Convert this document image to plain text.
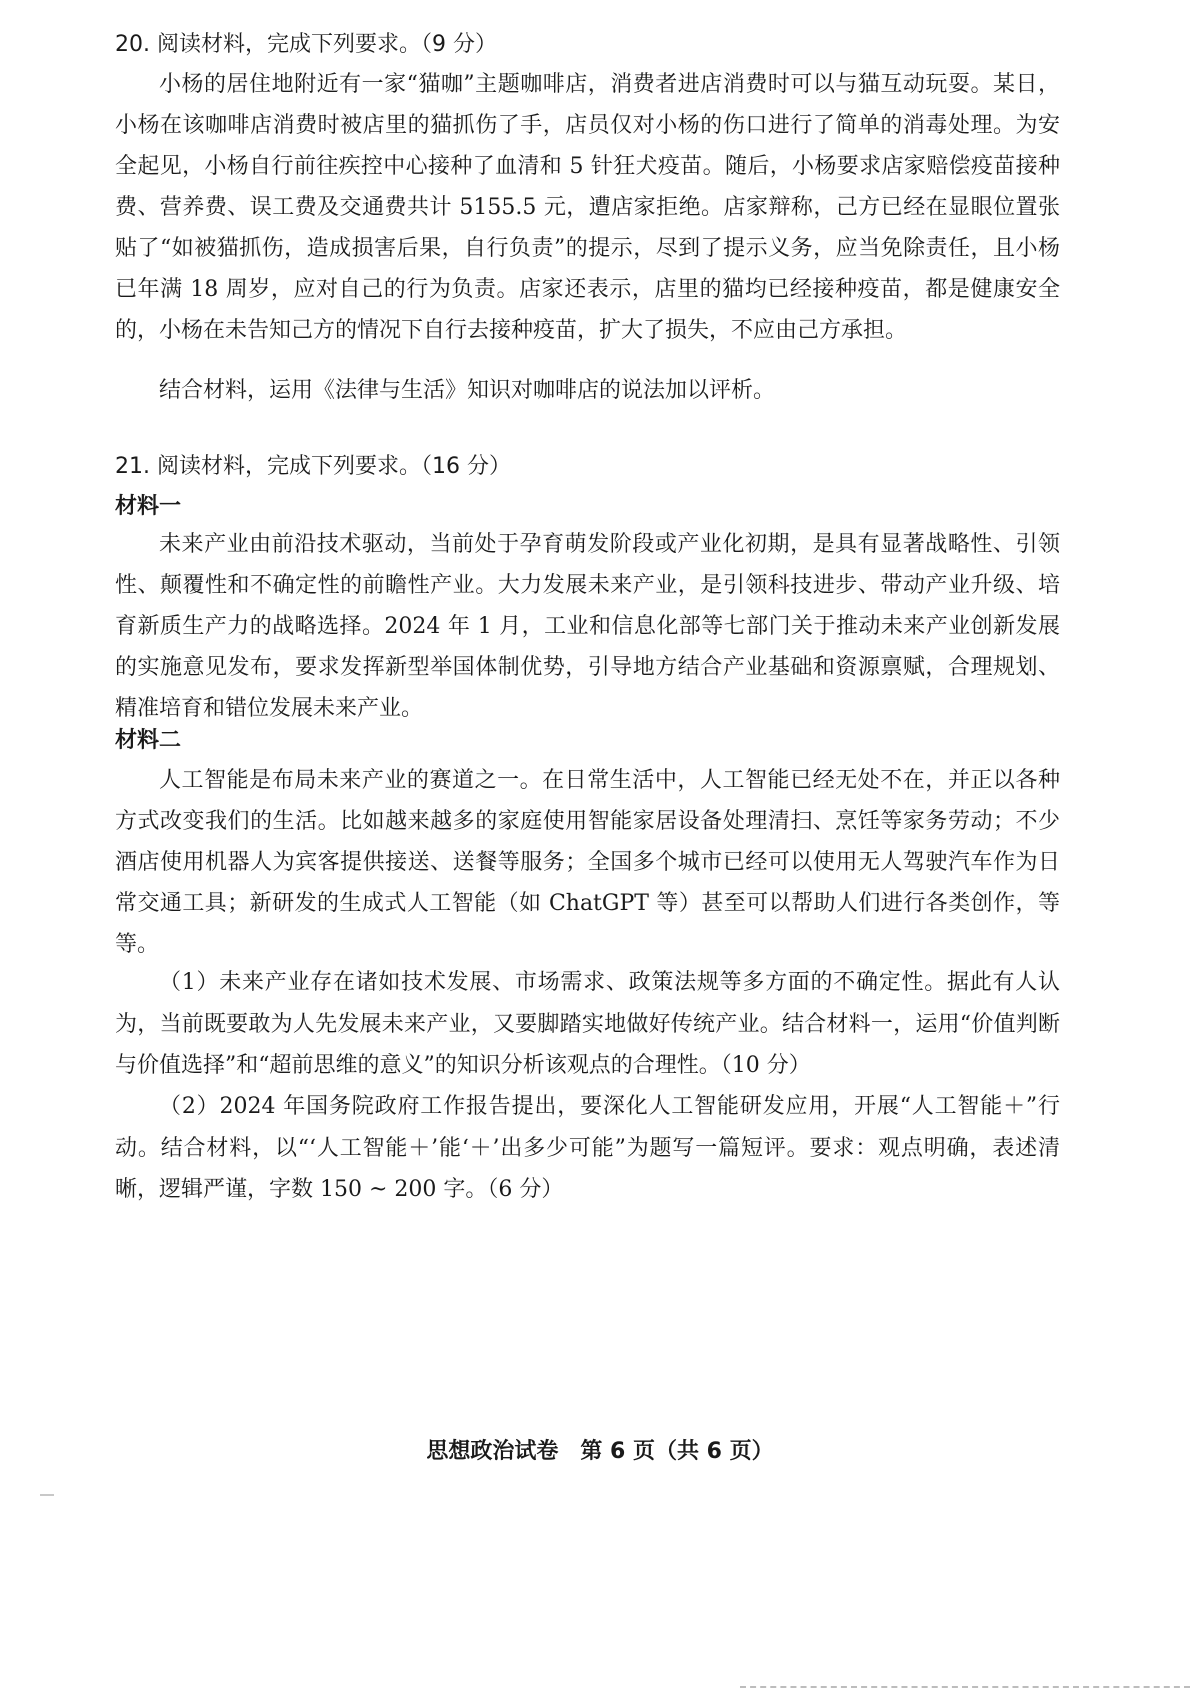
20. 阅读材料，完成下列要求。（9 分）
小杨的居住地附近有一家“猫咖”主题咖啡店，消费者进店消费时可以与猫互动玩耍。某日，小杨在该咖啡店消费时被店里的猫抓伤了手，店员仅对小杨的伤口进行了简单的消毒处理。为安全起见，小杨自行前往疾控中心接种了血清和 5 针狂犬疫苗。随后，小杨要求店家赔偿疫苗接种费、营养费、误工费及交通费共计 5155.5 元，遭店家拒绝。店家辩称，己方已经在显眼位置张贴了“如被猫抓伤，造成损害后果，自行负责”的提示，尽到了提示义务，应当免除责任，且小杨已年满 18 周岁，应对自己的行为负责。店家还表示，店里的猫均已经接种疫苗，都是健康安全的，小杨在未告知己方的情况下自行去接种疫苗，扩大了损失，不应由己方承担。
结合材料，运用《法律与生活》知识对咖啡店的说法加以评析。
21. 阅读材料，完成下列要求。（16 分）
材料一
未来产业由前沿技术驱动，当前处于孕育萌发阶段或产业化初期，是具有显著战略性、引领性、颠覆性和不确定性的前瞻性产业。大力发展未来产业，是引领科技进步、带动产业升级、培育新质生产力的战略选择。2024 年 1 月，工业和信息化部等七部门关于推动未来产业创新发展的实施意见发布，要求发挥新型举国体制优势，引导地方结合产业基础和资源禀赋，合理规划、精准培育和错位发展未来产业。
材料二
人工智能是布局未来产业的赛道之一。在日常生活中，人工智能已经无处不在，并正以各种方式改变我们的生活。比如越来越多的家庭使用智能家居设备处理清扫、烹饪等家务劳动；不少酒店使用机器人为宾客提供接送、送餐等服务；全国多个城市已经可以使用无人驾驶汽车作为日常交通工具；新研发的生成式人工智能（如 ChatGPT 等）甚至可以帮助人们进行各类创作，等等。
（1）未来产业存在诸如技术发展、市场需求、政策法规等多方面的不确定性。据此有人认为，当前既要敢为人先发展未来产业，又要脚踏实地做好传统产业。结合材料一，运用“价值判断与价值选择”和“超前思维的意义”的知识分析该观点的合理性。（10 分）
（2）2024 年国务院政府工作报告提出，要深化人工智能研发应用，开展“人工智能＋”行动。结合材料，以“‘人工智能＋’能‘＋’出多少可能”为题写一篇短评。要求：观点明确，表述清晰，逻辑严谨，字数 150 ~ 200 字。（6 分）
思想政治试卷　第 6 页（共 6 页）
